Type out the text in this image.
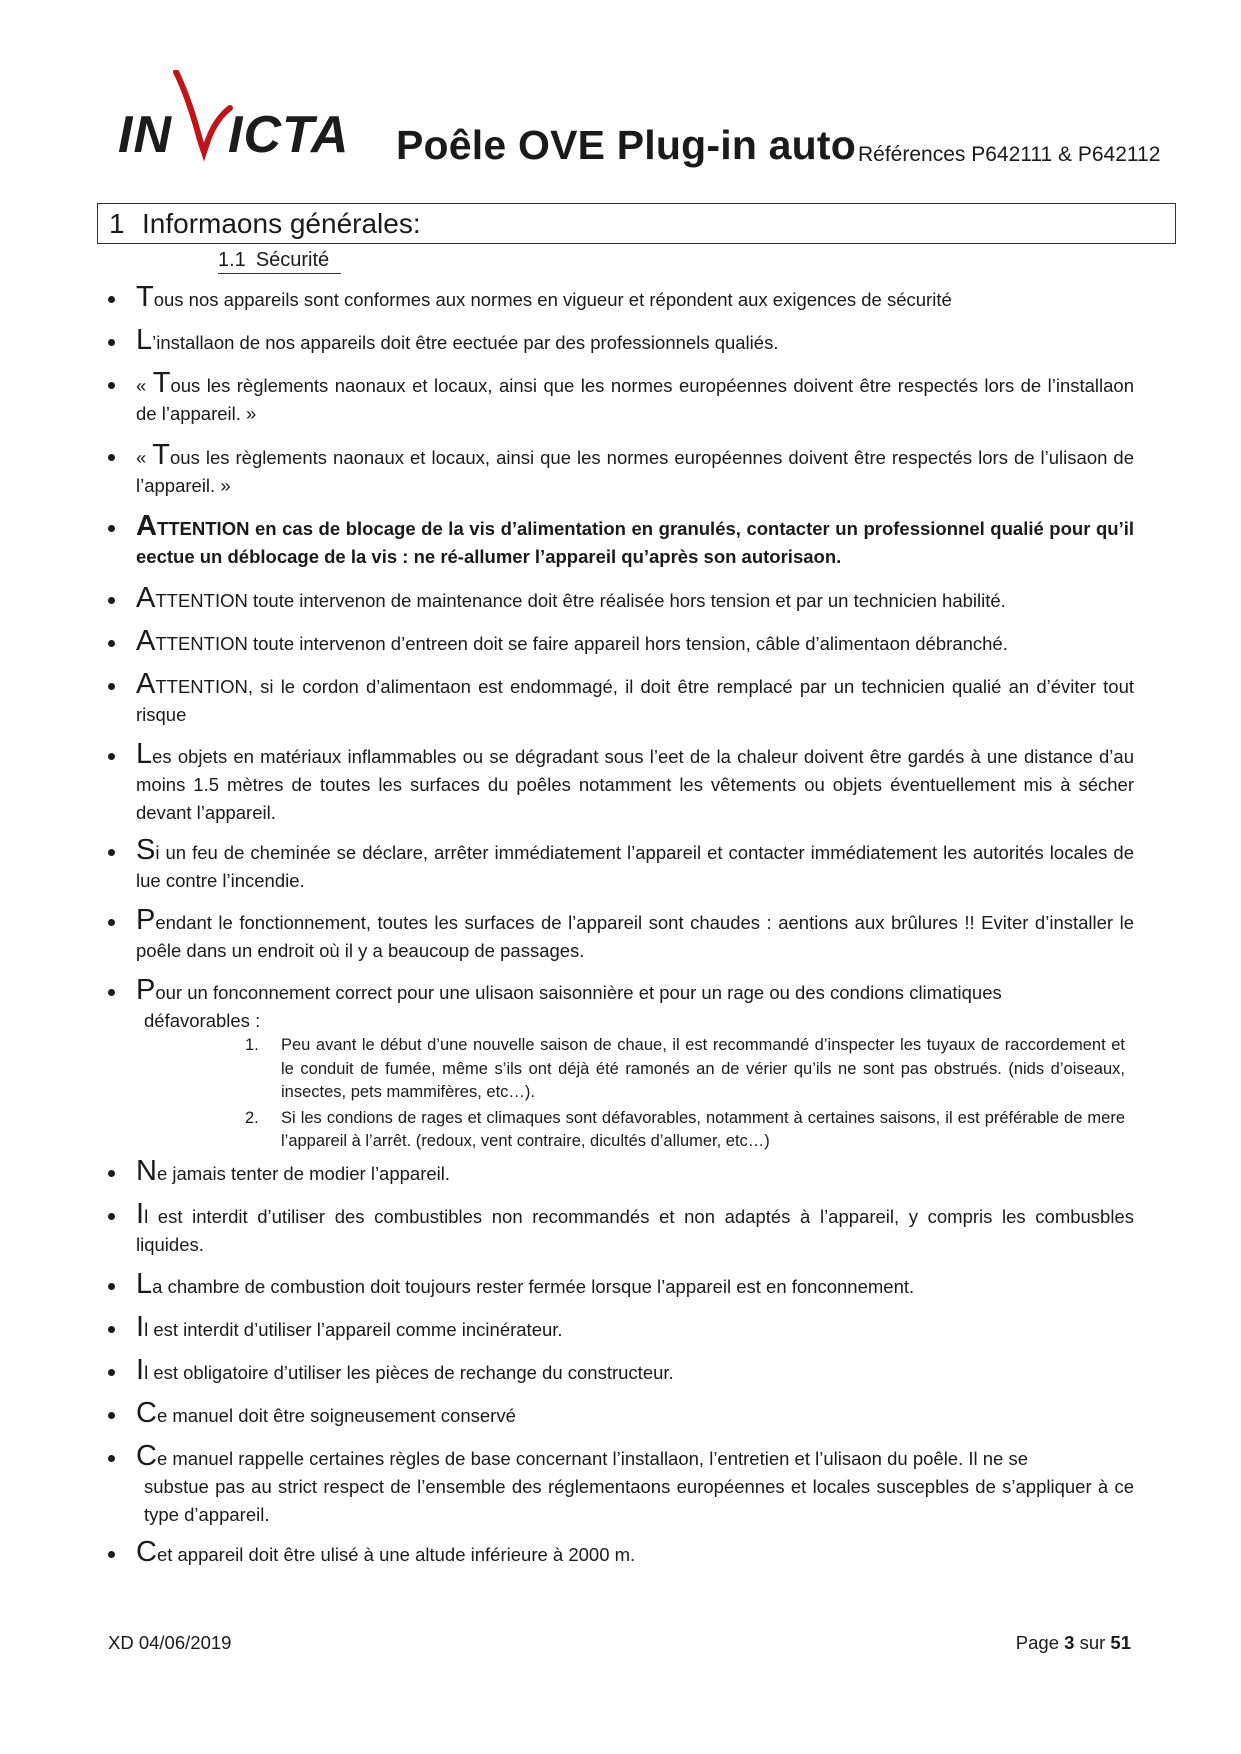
IN ICTA Poêle OVE Plug-in auto Références P642111 & P642112
1 Informaons générales:
1.1 Sécurité
Tous nos appareils sont conformes aux normes en vigueur et répondent aux exigences de sécurité
L’installaon de nos appareils doit être eectuée par des professionnels qualiés.
« Tous les règlements naonaux et locaux, ainsi que les normes européennes doivent être respectés lors de l’installaon de l’appareil. »
« Tous les règlements naonaux et locaux, ainsi que les normes européennes doivent être respectés lors de l’ulisaon de l’appareil. »
ATTENTION en cas de blocage de la vis d’alimentation en granulés, contacter un professionnel qualié pour qu’il eectue un déblocage de la vis : ne ré-allumer l’appareil qu’après son autorisaon.
ATTENTION toute intervenon de maintenance doit être réalisée hors tension et par un technicien habilité.
ATTENTION toute intervenon d’entreen doit se faire appareil hors tension, câble d’alimentaon débranché.
ATTENTION, si le cordon d’alimentaon est endommagé, il doit être remplacé par un technicien qualié an d’éviter tout risque
Les objets en matériaux inflammables ou se dégradant sous l’eet de la chaleur doivent être gardés à une distance d’au moins 1.5 mètres de toutes les surfaces du poêles notamment les vêtements ou objets éventuellement mis à sécher devant l’appareil.
Si un feu de cheminée se déclare, arrêter immédiatement l’appareil et contacter immédiatement les autorités locales de lue contre l’incendie.
Pendant le fonctionnement, toutes les surfaces de l’appareil sont chaudes : aentions aux brûlures !! Eviter d’installer le poêle dans un endroit où il y a beaucoup de passages.
Pour un fonconnement correct pour une ulisaon saisonnière et pour un rage ou des condions climatiques
défavorables :
1. Peu avant le début d’une nouvelle saison de chaue, il est recommandé d’inspecter les tuyaux de raccordement et le conduit de fumée, même s’ils ont déjà été ramonés an de vérier qu’ils ne sont pas obstrués. (nids d’oiseaux, insectes, pets mammifères, etc…).
2. Si les condions de rages et climaques sont défavorables, notamment à certaines saisons, il est préférable de mere l’appareil à l’arrêt. (redoux, vent contraire, dicultés d’allumer, etc…)
Ne jamais tenter de modier l’appareil.
Il est interdit d’utiliser des combustibles non recommandés et non adaptés à l’appareil, y compris les combusbles liquides.
La chambre de combustion doit toujours rester fermée lorsque l’appareil est en fonconnement.
Il est interdit d’utiliser l’appareil comme incinérateur.
Il est obligatoire d’utiliser les pièces de rechange du constructeur.
Ce manuel doit être soigneusement conservé
Ce manuel rappelle certaines règles de base concernant l’installaon, l’entretien et l’ulisaon du poêle. Il ne se
substue pas au strict respect de l’ensemble des réglementaons européennes et locales suscepbles de s’appliquer à ce type d’appareil.
Cet appareil doit être ulisé à une altude inférieure à 2000 m.
XD 04/06/2019	Page 3 sur 51
